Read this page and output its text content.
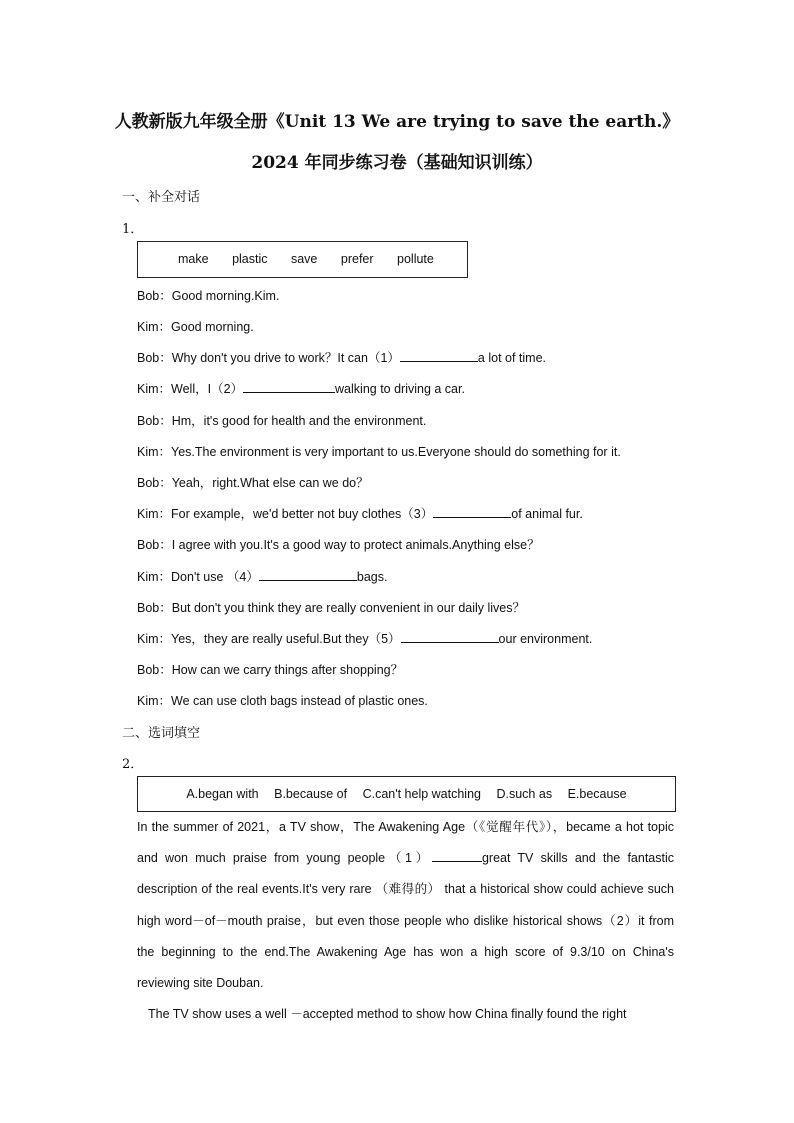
人教新版九年级全册《Unit 13 We are trying to save the earth.》
2024 年同步练习卷（基础知识训练）
一、补全对话
1．
make plastic save prefer pollute
Bob：Good morning.Kim.
Kim：Good morning.
Bob：Why don't you drive to work？It can（1）	a lot of time.
Kim：Well，I（2）	walking to driving a car.
Bob：Hm，it's good for health and the environment.
Kim：Yes.The environment is very important to us.Everyone should do something for it.
Bob：Yeah，right.What else can we do？
Kim：For example，we'd better not buy clothes（3）	of animal fur.
Bob：I agree with you.It's a good way to protect animals.Anything else？
Kim：Don't use （4）	bags.
Bob：But don't you think they are really convenient in our daily lives？
Kim：Yes，they are really useful.But they（5）	our environment.
Bob：How can we carry things after shopping？
Kim：We can use cloth bags instead of plastic ones.
二、选词填空
2．
A.began with B.because of C.can't help watching D.such as E.because

In the summer of 2021，a TV show，The Awakening Age（《觉醒年代》），became a hot topic and won much praise from young people（1）	great TV skills and the fantastic description of the real events.It's very rare （难得的） that a historical show could achieve such high word－of－mouth praise，but even those people who dislike historical shows（2）it from the beginning to the end.The Awakening Age has won a high score of 9.3/10 on China's reviewing site Douban.

The TV show uses a well －accepted method to show how China finally found the right
